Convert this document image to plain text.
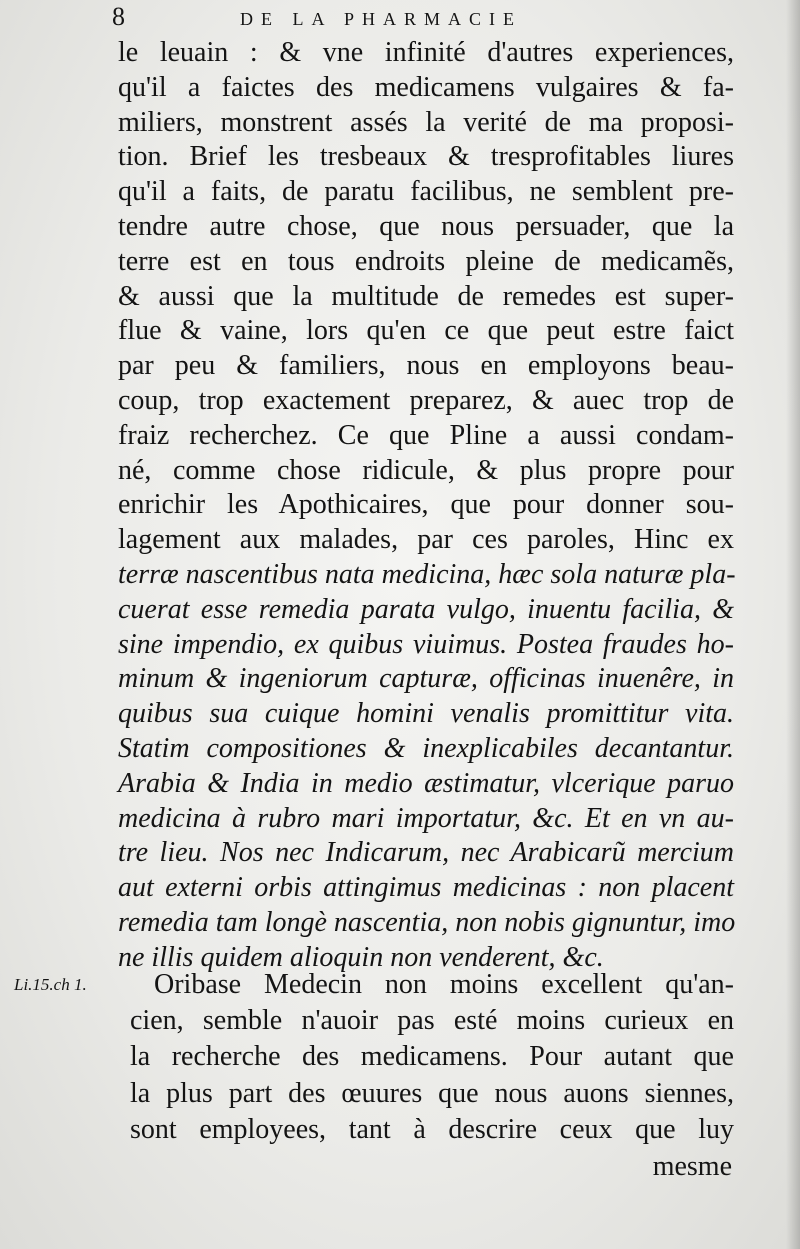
8	DE LA PHARMACIE
le leuain : & vne infinité d'autres experiences,
qu'il a faictes des medicamens vulgaires & fa-
miliers, monstrent assés la verité de ma proposi-
tion. Brief les tresbeaux & tresprofitables liures
qu'il a faits, de paratu facilibus, ne semblent pre-
tendre autre chose, que nous persuader, que la
terre est en tous endroits pleine de medicamẽs,
& aussi que la multitude de remedes est super-
flue & vaine, lors qu'en ce que peut estre faict
par peu & familiers, nous en employons beau-
coup, trop exactement preparez, & auec trop de
fraiz recherchez. Ce que Pline a aussi condam-
né, comme chose ridicule, & plus propre pour
enrichir les Apothicaires, que pour donner sou-
lagement aux malades, par ces paroles, Hinc ex
terræ nascentibus nata medicina, hæc sola naturæ pla-
cuerat esse remedia parata vulgo, inuentu facilia, &
sine impendio, ex quibus viuimus. Postea fraudes ho-
minum & ingeniorum capturæ, officinas inuenêre, in
quibus sua cuique homini venalis promittitur vita.
Statim compositiones & inexplicabiles decantantur.
Arabia & India in medio æstimatur, vlcerique paruo
medicina à rubro mari importatur, &c. Et en vn au-
tre lieu. Nos nec Indicarum, nec Arabicarũ mercium
aut externi orbis attingimus medicinas : non placent
remedia tam longè nascentia, non nobis gignuntur, imo
ne illis quidem alioquin non venderent, &c.
Li.15.ch 1.	Oribase Medecin non moins excellent qu'an-
cien, semble n'auoir pas esté moins curieux en
la recherche des medicamens. Pour autant que
la plus part des œuures que nous auons siennes,
sont employees, tant à descrire ceux que luy
mesme
